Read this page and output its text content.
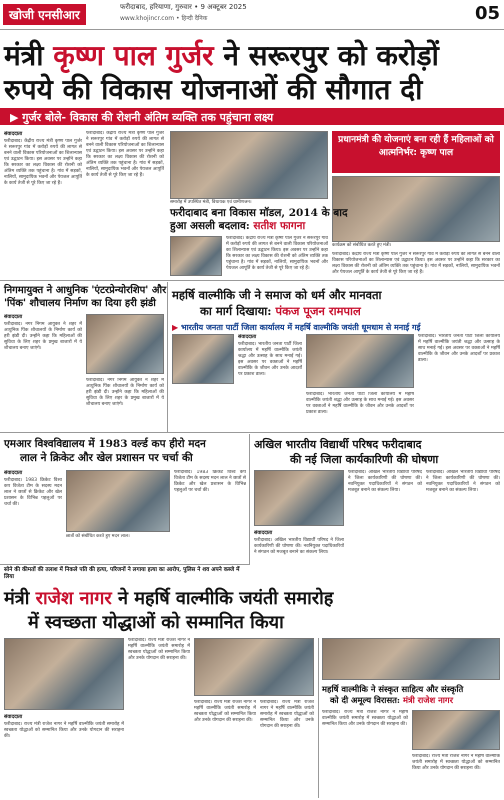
खोजी एनसीआर
फरीदाबाद, हरियाणा, गुरुवार • 9 अक्टूबर 2025
www.khojincr.com • हिन्दी दैनिक	05
मंत्री कृष्ण पाल गुर्जर ने सरूरपुर को करोड़ों
रुपये की विकास योजनाओं की सौगात दी
▶ गुर्जर बोले- विकास की रोशनी अंतिम व्यक्ति तक पहुंचाना लक्ष्य
संवाददाता
फरीदाबाद। केंद्रीय राज्य मंत्री कृष्ण पाल गुर्जर ने सरूरपुर गांव में करोड़ों रुपये की लागत से बनने वाली विकास परियोजनाओं का शिलान्यास एवं उद्घाटन किया। इस अवसर पर उन्होंने कहा कि सरकार का लक्ष्य विकास की रोशनी को अंतिम व्यक्ति तक पहुंचाना है। गांव में सड़कों, नालियों, सामुदायिक भवनों और पेयजल आपूर्ति के कार्य तेजी से पूरे किए जा रहे हैं।
फरीदाबाद। केंद्रीय राज्य मंत्री कृष्ण पाल गुर्जर ने सरूरपुर गांव में करोड़ों रुपये की लागत से बनने वाली विकास परियोजनाओं का शिलान्यास एवं उद्घाटन किया। इस अवसर पर उन्होंने कहा कि सरकार का लक्ष्य विकास की रोशनी को अंतिम व्यक्ति तक पहुंचाना है। गांव में सड़कों, नालियों, सामुदायिक भवनों और पेयजल आपूर्ति के कार्य तेजी से पूरे किए जा रहे हैं।
समारोह में उपस्थित मंत्री, विधायक एवं ग्रामीणजन।
प्रधानमंत्री की योजनाएं बना रही हैं महिलाओं को आत्मनिर्भर: कृष्ण पाल
कार्यक्रम को संबोधित करते हुए मंत्री।
फरीदाबाद बना विकास मॉडल, 2014 के बाद
हुआ असली बदलाव: सतीश फागना
फरीदाबाद। केंद्रीय राज्य मंत्री कृष्ण पाल गुर्जर ने सरूरपुर गांव में करोड़ों रुपये की लागत से बनने वाली विकास परियोजनाओं का शिलान्यास एवं उद्घाटन किया। इस अवसर पर उन्होंने कहा कि सरकार का लक्ष्य विकास की रोशनी को अंतिम व्यक्ति तक पहुंचाना है। गांव में सड़कों, नालियों, सामुदायिक भवनों और पेयजल आपूर्ति के कार्य तेजी से पूरे किए जा रहे हैं।
फरीदाबाद। केंद्रीय राज्य मंत्री कृष्ण पाल गुर्जर ने सरूरपुर गांव में करोड़ों रुपये की लागत से बनने वाली विकास परियोजनाओं का शिलान्यास एवं उद्घाटन किया। इस अवसर पर उन्होंने कहा कि सरकार का लक्ष्य विकास की रोशनी को अंतिम व्यक्ति तक पहुंचाना है। गांव में सड़कों, नालियों, सामुदायिक भवनों और पेयजल आपूर्ति के कार्य तेजी से पूरे किए जा रहे हैं।
निगमायुक्त ने आधुनिक 'एंटरप्रेन्योरशिप' और
'पिंक' शौचालय निर्माण का दिया हरी झंडी
संवाददाता
फरीदाबाद। नगर निगम आयुक्त ने शहर में आधुनिक पिंक शौचालयों के निर्माण कार्य को हरी झंडी दी। उन्होंने कहा कि महिलाओं की सुविधा के लिए शहर के प्रमुख बाजारों में ये शौचालय बनाए जाएंगे।
फरीदाबाद। नगर निगम आयुक्त ने शहर में आधुनिक पिंक शौचालयों के निर्माण कार्य को हरी झंडी दी। उन्होंने कहा कि महिलाओं की सुविधा के लिए शहर के प्रमुख बाजारों में ये शौचालय बनाए जाएंगे।
महर्षि वाल्मीकि जी ने समाज को धर्म और मानवता
का मार्ग दिखाया: पंकज पूजन रामपाल
▶ भारतीय जनता पार्टी जिला कार्यालय में महर्षि वाल्मीकि जयंती धूमधाम से मनाई गई
संवाददाता
फरीदाबाद। भारतीय जनता पार्टी जिला कार्यालय में महर्षि वाल्मीकि जयंती श्रद्धा और उत्साह के साथ मनाई गई। इस अवसर पर वक्ताओं ने महर्षि वाल्मीकि के जीवन और उनके आदर्शों पर प्रकाश डाला।
फरीदाबाद। भारतीय जनता पार्टी जिला कार्यालय में महर्षि वाल्मीकि जयंती श्रद्धा और उत्साह के साथ मनाई गई। इस अवसर पर वक्ताओं ने महर्षि वाल्मीकि के जीवन और उनके आदर्शों पर प्रकाश डाला।
फरीदाबाद। भारतीय जनता पार्टी जिला कार्यालय में महर्षि वाल्मीकि जयंती श्रद्धा और उत्साह के साथ मनाई गई। इस अवसर पर वक्ताओं ने महर्षि वाल्मीकि के जीवन और उनके आदर्शों पर प्रकाश डाला।
एमआर विश्वविद्यालय में 1983 वर्ल्ड कप हीरो मदन
लाल ने क्रिकेट और खेल प्रशासन पर चर्चा की
संवाददाता
फरीदाबाद। 1983 क्रिकेट विश्व कप विजेता टीम के सदस्य मदन लाल ने छात्रों से क्रिकेट और खेल प्रशासन के विभिन्न पहलुओं पर चर्चा की।
छात्रों को संबोधित करते हुए मदन लाल।
फरीदाबाद। 1983 क्रिकेट विश्व कप विजेता टीम के सदस्य मदन लाल ने छात्रों से क्रिकेट और खेल प्रशासन के विभिन्न पहलुओं पर चर्चा की।
अखिल भारतीय विद्यार्थी परिषद फरीदाबाद
की नई जिला कार्यकारिणी की घोषणा
संवाददाता
फरीदाबाद। अखिल भारतीय विद्यार्थी परिषद ने जिला कार्यकारिणी की घोषणा की। नवनियुक्त पदाधिकारियों ने संगठन को मजबूत बनाने का संकल्प लिया।
फरीदाबाद। अखिल भारतीय विद्यार्थी परिषद ने जिला कार्यकारिणी की घोषणा की। नवनियुक्त पदाधिकारियों ने संगठन को मजबूत बनाने का संकल्प लिया।
फरीदाबाद। अखिल भारतीय विद्यार्थी परिषद ने जिला कार्यकारिणी की घोषणा की। नवनियुक्त पदाधिकारियों ने संगठन को मजबूत बनाने का संकल्प लिया।
सोने की कीमतों की तलाश में निकले पति की हत्या, परिजनों ने लगाया हत्या का आरोप, पुलिस ने शव अपने कब्जे में लिया
मंत्री राजेश नागर ने महर्षि वाल्मीकि जयंती समारोह
में स्वच्छता योद्धाओं को सम्मानित किया
संवाददाता
फरीदाबाद। राज्य मंत्री राजेश नागर ने महर्षि वाल्मीकि जयंती समारोह में स्वच्छता योद्धाओं को सम्मानित किया और उनके योगदान की सराहना की।
फरीदाबाद। राज्य मंत्री राजेश नागर ने महर्षि वाल्मीकि जयंती समारोह में स्वच्छता योद्धाओं को सम्मानित किया और उनके योगदान की सराहना की।
फरीदाबाद। राज्य मंत्री राजेश नागर ने महर्षि वाल्मीकि जयंती समारोह में स्वच्छता योद्धाओं को सम्मानित किया और उनके योगदान की सराहना की।
फरीदाबाद। राज्य मंत्री राजेश नागर ने महर्षि वाल्मीकि जयंती समारोह में स्वच्छता योद्धाओं को सम्मानित किया और उनके योगदान की सराहना की।
महर्षि वाल्मीकि ने संस्कृत साहित्य और संस्कृति
को दी अमूल्य विरासत: मंत्री राजेश नागर
फरीदाबाद। राज्य मंत्री राजेश नागर ने महर्षि वाल्मीकि जयंती समारोह में स्वच्छता योद्धाओं को सम्मानित किया और उनके योगदान की सराहना की।
फरीदाबाद। राज्य मंत्री राजेश नागर ने महर्षि वाल्मीकि जयंती समारोह में स्वच्छता योद्धाओं को सम्मानित किया और उनके योगदान की सराहना की।
